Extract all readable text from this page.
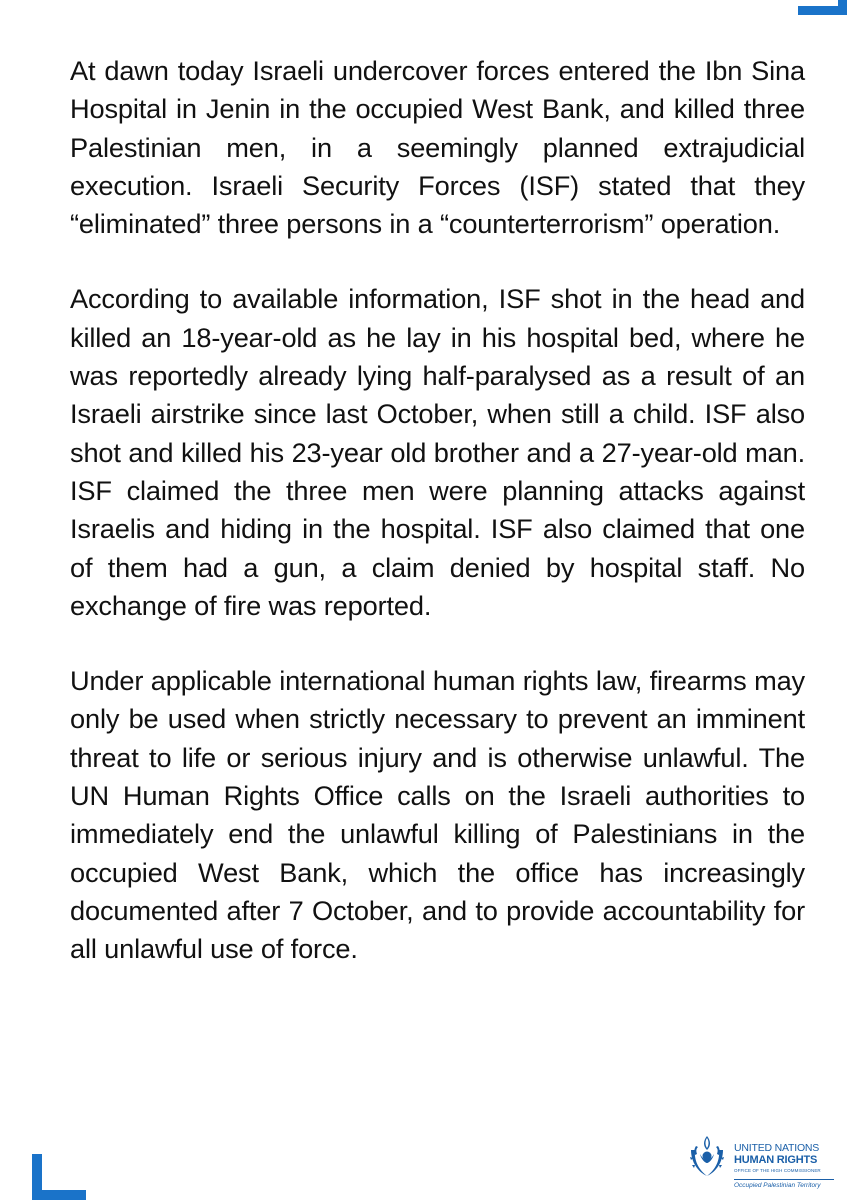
At dawn today Israeli undercover forces entered the Ibn Sina Hospital in Jenin in the occupied West Bank, and killed three Palestinian men, in a seemingly planned extrajudicial execution. Israeli Security Forces (ISF) stated that they “eliminated” three persons in a “counterterrorism” operation.

According to available information, ISF shot in the head and killed an 18-year-old as he lay in his hospital bed, where he was reportedly already lying half-paralysed as a result of an Israeli airstrike since last October, when still a child. ISF also shot and killed his 23-year old brother and a 27-year-old man. ISF claimed the three men were planning attacks against Israelis and hiding in the hospital. ISF also claimed that one of them had a gun, a claim denied by hospital staff. No exchange of fire was reported.

Under applicable international human rights law, firearms may only be used when strictly necessary to prevent an imminent threat to life or serious injury and is otherwise unlawful. The UN Human Rights Office calls on the Israeli authorities to immediately end the unlawful killing of Palestinians in the occupied West Bank, which the office has increasingly documented after 7 October, and to provide accountability for all unlawful use of force.

UNITED NATIONS
HUMAN RIGHTS
OFFICE OF THE HIGH COMMISSIONER
Occupied Palestinian Territory
